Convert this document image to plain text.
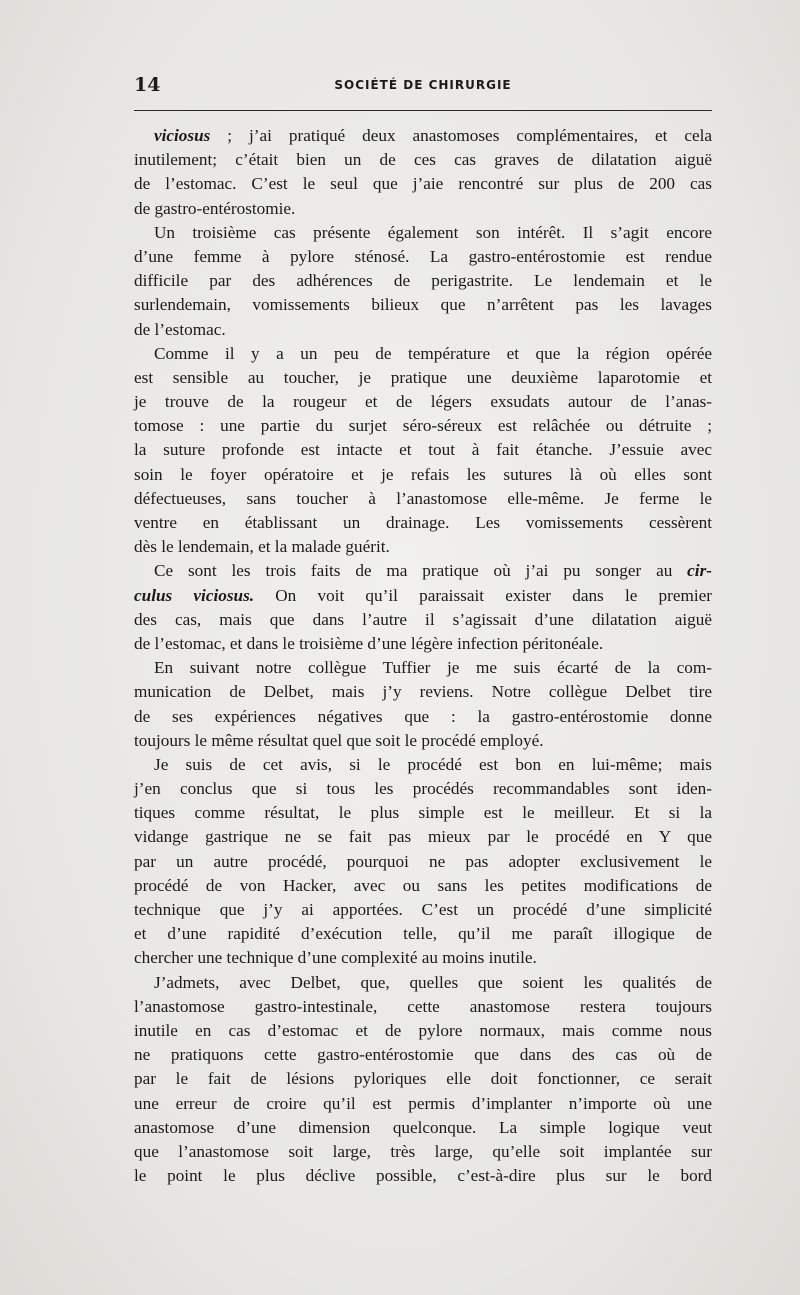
14	SOCIÉTÉ DE CHIRURGIE
viciosus ; j’ai pratiqué deux anastomoses complémentaires, et cela
inutilement; c’était bien un de ces cas graves de dilatation aiguë
de l’estomac. C’est le seul que j’aie rencontré sur plus de 200 cas
de gastro-entérostomie.
Un troisième cas présente également son intérêt. Il s’agit encore
d’une femme à pylore sténosé. La gastro-entérostomie est rendue
difficile par des adhérences de perigastrite. Le lendemain et le
surlendemain, vomissements bilieux que n’arrêtent pas les lavages
de l’estomac.
Comme il y a un peu de température et que la région opérée
est sensible au toucher, je pratique une deuxième laparotomie et
je trouve de la rougeur et de légers exsudats autour de l’anas-
tomose : une partie du surjet séro-séreux est relâchée ou détruite ;
la suture profonde est intacte et tout à fait étanche. J’essuie avec
soin le foyer opératoire et je refais les sutures là où elles sont
défectueuses, sans toucher à l’anastomose elle-même. Je ferme le
ventre en établissant un drainage. Les vomissements cessèrent
dès le lendemain, et la malade guérit.
Ce sont les trois faits de ma pratique où j’ai pu songer au cir-
culus viciosus. On voit qu’il paraissait exister dans le premier
des cas, mais que dans l’autre il s’agissait d’une dilatation aiguë
de l’estomac, et dans le troisième d’une légère infection péritonéale.
En suivant notre collègue Tuffier je me suis écarté de la com-
munication de Delbet, mais j’y reviens. Notre collègue Delbet tire
de ses expériences négatives que : la gastro-entérostomie donne
toujours le même résultat quel que soit le procédé employé.
Je suis de cet avis, si le procédé est bon en lui-même; mais
j’en conclus que si tous les procédés recommandables sont iden-
tiques comme résultat, le plus simple est le meilleur. Et si la
vidange gastrique ne se fait pas mieux par le procédé en Y que
par un autre procédé, pourquoi ne pas adopter exclusivement le
procédé de von Hacker, avec ou sans les petites modifications de
technique que j’y ai apportées. C’est un procédé d’une simplicité
et d’une rapidité d’exécution telle, qu’il me paraît illogique de
chercher une technique d’une complexité au moins inutile.
J’admets, avec Delbet, que, quelles que soient les qualités de
l’anastomose gastro-intestinale, cette anastomose restera toujours
inutile en cas d’estomac et de pylore normaux, mais comme nous
ne pratiquons cette gastro-entérostomie que dans des cas où de
par le fait de lésions pyloriques elle doit fonctionner, ce serait
une erreur de croire qu’il est permis d’implanter n’importe où une
anastomose d’une dimension quelconque. La simple logique veut
que l’anastomose soit large, très large, qu’elle soit implantée sur
le point le plus déclive possible, c’est-à-dire plus sur le bord
